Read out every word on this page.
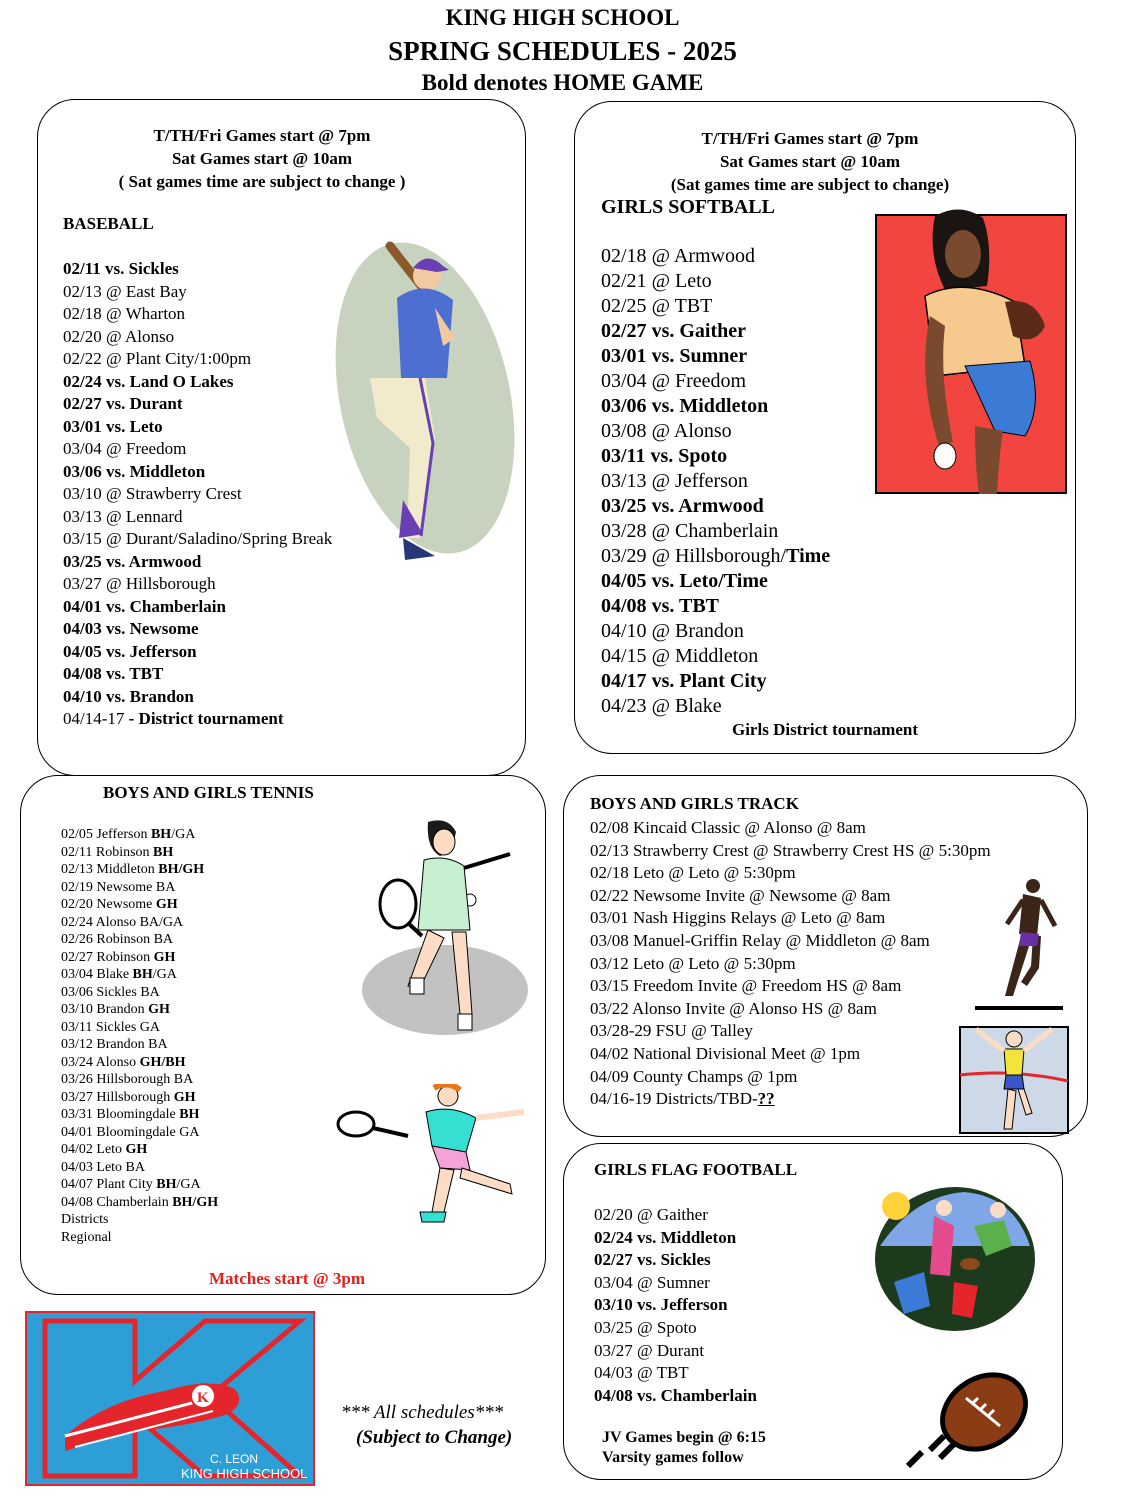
KING HIGH SCHOOL
SPRING SCHEDULES - 2025
Bold denotes HOME GAME
T/TH/Fri Games start @ 7pm
Sat Games start @ 10am
( Sat games time are subject to change )
BASEBALL
02/11 vs. Sickles
02/13 @ East Bay
02/18 @ Wharton
02/20 @ Alonso
02/22 @ Plant City/1:00pm
02/24 vs. Land O Lakes
02/27 vs. Durant
03/01 vs. Leto
03/04 @ Freedom
03/06 vs. Middleton
03/10 @ Strawberry Crest
03/13 @ Lennard
03/15 @ Durant/Saladino/Spring Break
03/25 vs. Armwood
03/27 @ Hillsborough
04/01 vs. Chamberlain
04/03 vs. Newsome
04/05 vs. Jefferson
04/08 vs. TBT
04/10 vs. Brandon
04/14-17 - District tournament
T/TH/Fri Games start @ 7pm
Sat Games start @ 10am
(Sat games time are subject to change)
GIRLS SOFTBALL
02/18 @ Armwood
02/21 @ Leto
02/25 @ TBT
02/27 vs. Gaither
03/01 vs. Sumner
03/04 @ Freedom
03/06 vs. Middleton
03/08 @ Alonso
03/11 vs. Spoto
03/13 @ Jefferson
03/25 vs. Armwood
03/28 @ Chamberlain
03/29 @ Hillsborough/Time
04/05 vs. Leto/Time
04/08 vs. TBT
04/10 @ Brandon
04/15 @ Middleton
04/17 vs. Plant City
04/23 @ Blake
Girls District tournament
BOYS AND GIRLS TENNIS
02/05 Jefferson BH/GA
02/11 Robinson BH
02/13 Middleton BH/GH
02/19 Newsome BA
02/20 Newsome GH
02/24 Alonso BA/GA
02/26 Robinson BA
02/27 Robinson GH
03/04 Blake BH/GA
03/06 Sickles BA
03/10 Brandon GH
03/11 Sickles GA
03/12 Brandon BA
03/24 Alonso GH/BH
03/26 Hillsborough BA
03/27 Hillsborough GH
03/31 Bloomingdale BH
04/01 Bloomingdale GA
04/02 Leto GH
04/03 Leto BA
04/07 Plant City BH/GA
04/08 Chamberlain BH/GH
Districts
Regional
Matches start @ 3pm
BOYS AND GIRLS TRACK
02/08 Kincaid Classic @ Alonso @ 8am
02/13 Strawberry Crest @ Strawberry Crest HS @ 5:30pm
02/18 Leto @ Leto @ 5:30pm
02/22 Newsome Invite @ Newsome @ 8am
03/01 Nash Higgins Relays @ Leto @ 8am
03/08 Manuel-Griffin Relay @ Middleton @ 8am
03/12 Leto @ Leto @ 5:30pm
03/15 Freedom Invite @ Freedom HS @ 8am
03/22 Alonso Invite @ Alonso HS @ 8am
03/28-29 FSU @ Talley
04/02 National Divisional Meet @ 1pm
04/09 County Champs @ 1pm
04/16-19 Districts/TBD-??
GIRLS FLAG FOOTBALL
02/20 @ Gaither
02/24 vs. Middleton
02/27 vs. Sickles
03/04 @ Sumner
03/10 vs. Jefferson
03/25 @ Spoto
03/27 @ Durant
04/03 @ TBT
04/08 vs. Chamberlain
JV Games begin @ 6:15
Varsity games follow
K
K
C. LEON
KING HIGH SCHOOL
*** All schedules***
(Subject to Change)
